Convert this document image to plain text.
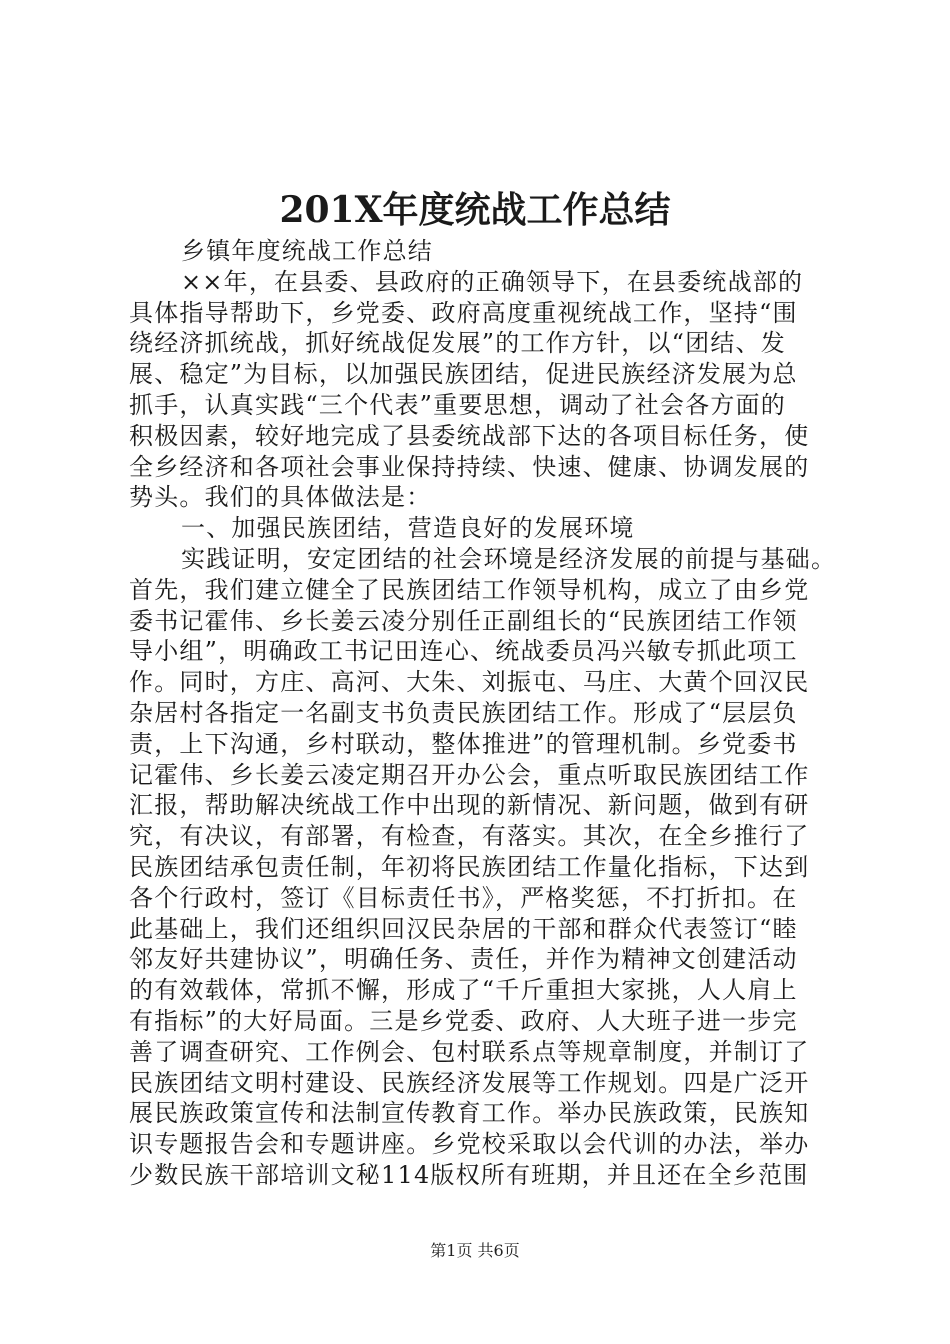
201X年度统战工作总结
乡镇年度统战工作总结
××年，在县委、县政府的正确领导下，在县委统战部的
具体指导帮助下，乡党委、政府高度重视统战工作，坚持“围
绕经济抓统战，抓好统战促发展”的工作方针，以“团结、发
展、稳定”为目标，以加强民族团结，促进民族经济发展为总
抓手，认真实践“三个代表”重要思想，调动了社会各方面的
积极因素，较好地完成了县委统战部下达的各项目标任务，使
全乡经济和各项社会事业保持持续、快速、健康、协调发展的
势头。我们的具体做法是：
一、加强民族团结，营造良好的发展环境
实践证明，安定团结的社会环境是经济发展的前提与基础。
首先，我们建立健全了民族团结工作领导机构，成立了由乡党
委书记霍伟、乡长姜云凌分别任正副组长的“民族团结工作领
导小组”，明确政工书记田连心、统战委员冯兴敏专抓此项工
作。同时，方庄、高河、大朱、刘振屯、马庄、大黄个回汉民
杂居村各指定一名副支书负责民族团结工作。形成了“层层负
责，上下沟通，乡村联动，整体推进”的管理机制。乡党委书
记霍伟、乡长姜云凌定期召开办公会，重点听取民族团结工作
汇报，帮助解决统战工作中出现的新情况、新问题，做到有研
究，有决议，有部署，有检查，有落实。其次，在全乡推行了
民族团结承包责任制，年初将民族团结工作量化指标，下达到
各个行政村，签订《目标责任书》，严格奖惩，不打折扣。在
此基础上，我们还组织回汉民杂居的干部和群众代表签订“睦
邻友好共建协议”，明确任务、责任，并作为精神文创建活动
的有效载体，常抓不懈，形成了“千斤重担大家挑，人人肩上
有指标”的大好局面。三是乡党委、政府、人大班子进一步完
善了调查研究、工作例会、包村联系点等规章制度，并制订了
民族团结文明村建设、民族经济发展等工作规划。四是广泛开
展民族政策宣传和法制宣传教育工作。举办民族政策，民族知
识专题报告会和专题讲座。乡党校采取以会代训的办法，举办
少数民族干部培训文秘114版权所有班期，并且还在全乡范围
第1页 共6页
